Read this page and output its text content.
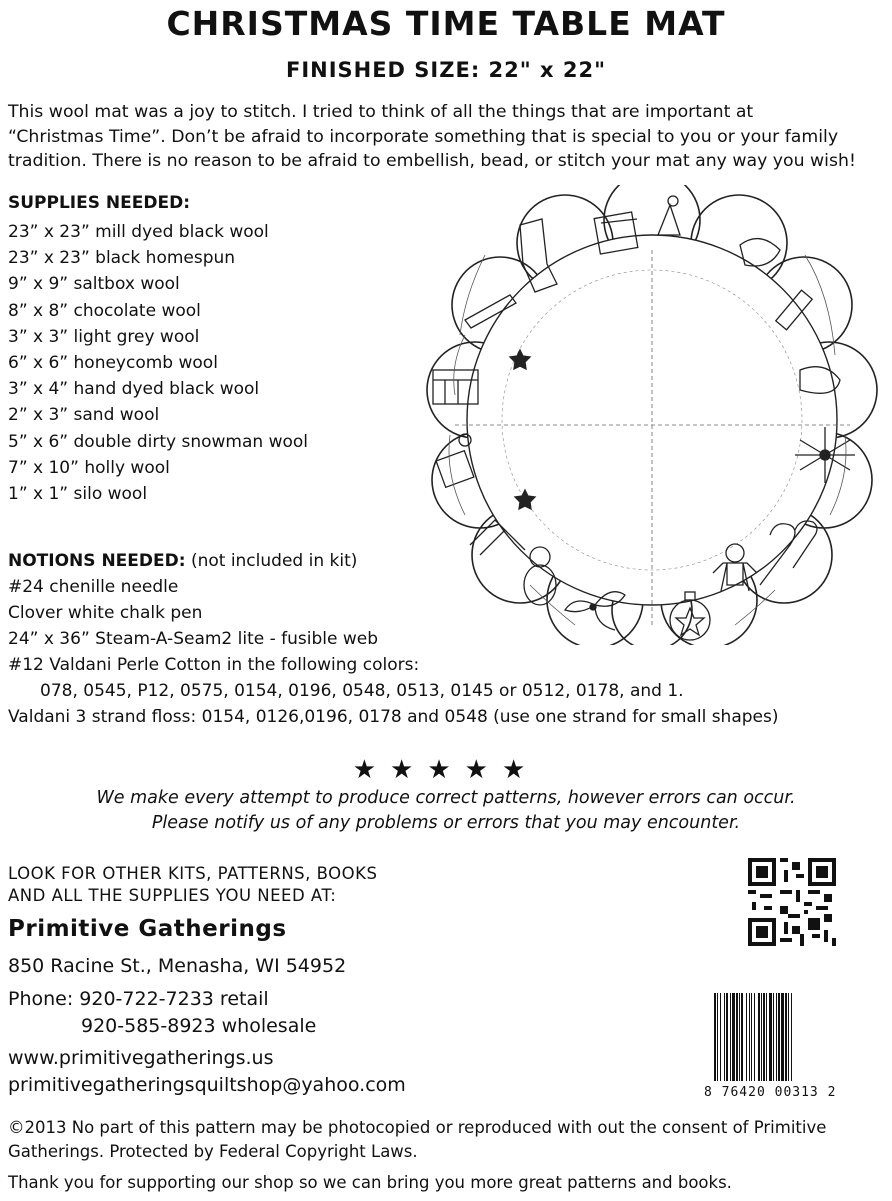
CHRISTMAS TIME TABLE MAT
FINISHED SIZE: 22" x 22"
This wool mat was a joy to stitch. I tried to think of all the things that are important at
“Christmas Time”. Don’t be afraid to incorporate something that is special to you or your family
tradition. There is no reason to be afraid to embellish, bead, or stitch your mat any way you wish!
SUPPLIES NEEDED:
23” x 23” mill dyed black wool
23” x 23” black homespun
9” x 9” saltbox wool
8” x 8” chocolate wool
3” x 3” light grey wool
6” x 6” honeycomb wool
3” x 4” hand dyed black wool
2” x 3” sand wool
5” x 6” double dirty snowman wool
7” x 10” holly wool
1” x 1” silo wool
NOTIONS NEEDED: (not included in kit)
#24 chenille needle
Clover white chalk pen
24” x 36” Steam-A-Seam2 lite - fusible web
#12 Valdani Perle Cotton in the following colors:
078, 0545, P12, 0575, 0154, 0196, 0548, 0513, 0145 or 0512, 0178, and 1.
Valdani 3 strand floss: 0154, 0126,0196, 0178 and 0548 (use one strand for small shapes)
★★★★★
We make every attempt to produce correct patterns, however errors can occur.
Please notify us of any problems or errors that you may encounter.
LOOK FOR OTHER KITS, PATTERNS, BOOKS
AND ALL THE SUPPLIES YOU NEED AT:
Primitive Gatherings
850 Racine St., Menasha, WI 54952
Phone: 920-722-7233 retail
920-585-8923 wholesale
www.primitivegatherings.us
primitivegatheringsquiltshop@yahoo.com	8 76420 00313 2
©2013 No part of this pattern may be photocopied or reproduced with out the consent of Primitive Gatherings. Protected by Federal Copyright Laws.
Thank you for supporting our shop so we can bring you more great patterns and books.
